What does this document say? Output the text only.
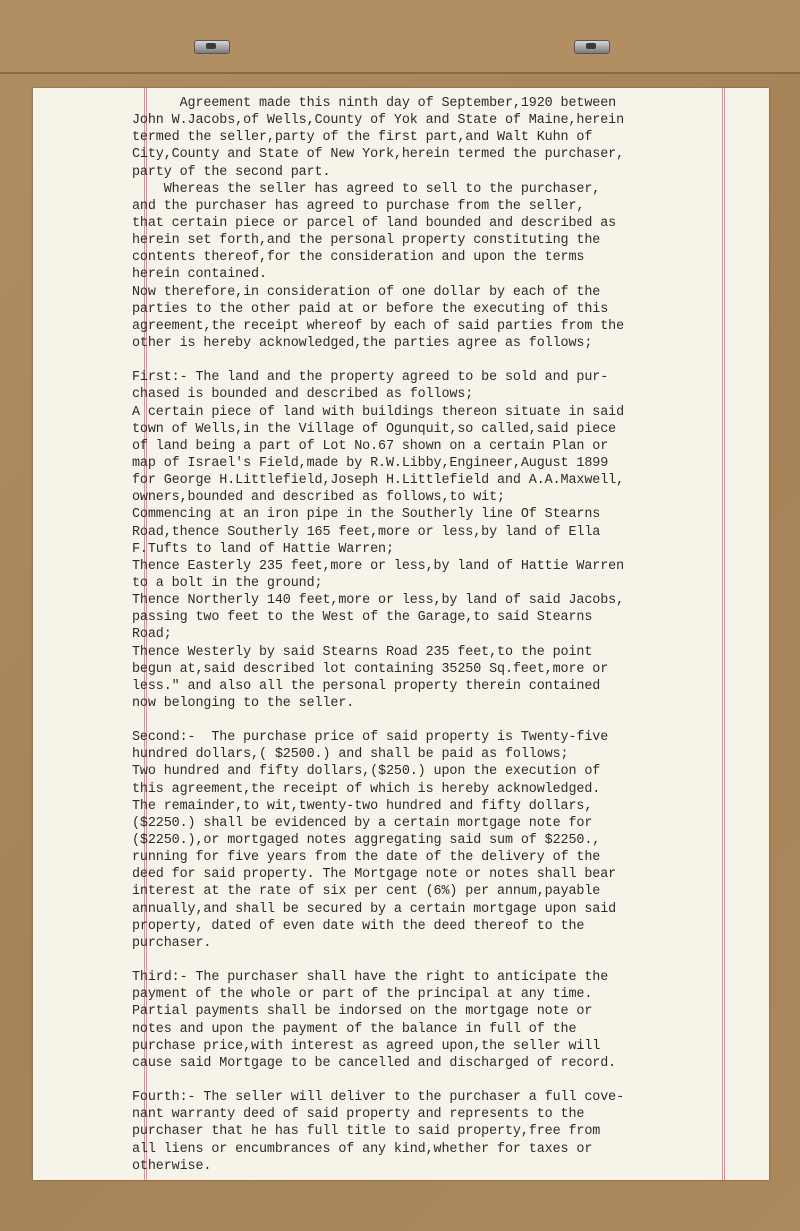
Agreement made this ninth day of September,1920 between
John W.Jacobs,of Wells,County of Yok and State of Maine,herein
termed the seller,party of the first part,and Walt Kuhn of
City,County and State of New York,herein termed the purchaser,
party of the second part.
Whereas the seller has agreed to sell to the purchaser,
and the purchaser has agreed to purchase from the seller,
that certain piece or parcel of land bounded and described as
herein set forth,and the personal property constituting the
contents thereof,for the consideration and upon the terms
herein contained.
Now therefore,in consideration of one dollar by each of the
parties to the other paid at or before the executing of this
agreement,the receipt whereof by each of said parties from the
other is hereby acknowledged,the parties agree as follows;
First:- The land and the property agreed to be sold and pur-
chased is bounded and described as follows;
A certain piece of land with buildings thereon situate in said
town of Wells,in the Village of Ogunquit,so called,said piece
of land being a part of Lot No.67 shown on a certain Plan or
map of Israel's Field,made by R.W.Libby,Engineer,August 1899
for George H.Littlefield,Joseph H.Littlefield and A.A.Maxwell,
owners,bounded and described as follows,to wit;
Commencing at an iron pipe in the Southerly line Of Stearns
Road,thence Southerly 165 feet,more or less,by land of Ella
F.Tufts to land of Hattie Warren;
Thence Easterly 235 feet,more or less,by land of Hattie Warren
to a bolt in the ground;
Thence Northerly 140 feet,more or less,by land of said Jacobs,
passing two feet to the West of the Garage,to said Stearns
Road;
Thence Westerly by said Stearns Road 235 feet,to the point
begun at,said described lot containing 35250 Sq.feet,more or
less." and also all the personal property therein contained
now belonging to the seller.
Second:-  The purchase price of said property is Twenty-five
hundred dollars,( $2500.) and shall be paid as follows;
Two hundred and fifty dollars,($250.) upon the execution of
this agreement,the receipt of which is hereby acknowledged.
The remainder,to wit,twenty-two hundred and fifty dollars,
($2250.) shall be evidenced by a certain mortgage note for
($2250.),or mortgaged notes aggregating said sum of $2250.,
running for five years from the date of the delivery of the
deed for said property. The Mortgage note or notes shall bear
interest at the rate of six per cent (6%) per annum,payable
annually,and shall be secured by a certain mortgage upon said
property, dated of even date with the deed thereof to the
purchaser.
Third:- The purchaser shall have the right to anticipate the
payment of the whole or part of the principal at any time.
Partial payments shall be indorsed on the mortgage note or
notes and upon the payment of the balance in full of the
purchase price,with interest as agreed upon,the seller will
cause said Mortgage to be cancelled and discharged of record.
Fourth:- The seller will deliver to the purchaser a full cove-
nant warranty deed of said property and represents to the
purchaser that he has full title to said property,free from
all liens or encumbrances of any kind,whether for taxes or
otherwise.
